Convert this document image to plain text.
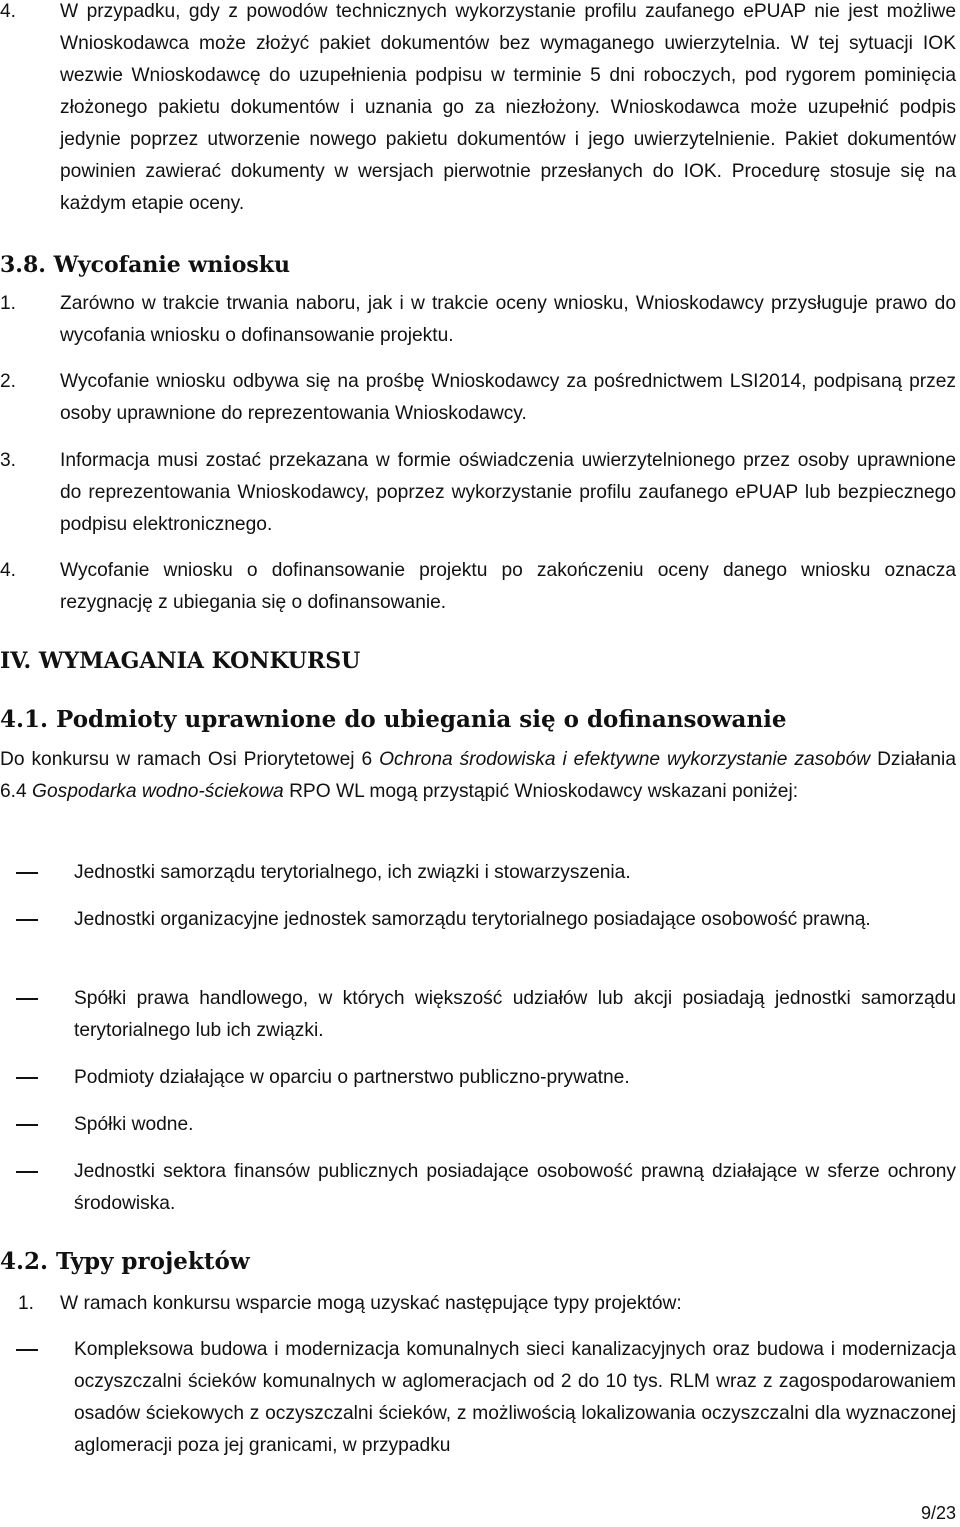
4.	W przypadku, gdy z powodów technicznych wykorzystanie profilu zaufanego ePUAP nie jest możliwe Wnioskodawca może złożyć pakiet dokumentów bez wymaganego uwierzytelnia. W tej sytuacji IOK wezwie Wnioskodawcę do uzupełnienia podpisu w terminie 5 dni roboczych, pod rygorem pominięcia złożonego pakietu dokumentów i uznania go za niezłożony. Wnioskodawca może uzupełnić podpis jedynie poprzez utworzenie nowego pakietu dokumentów i jego uwierzytelnienie. Pakiet dokumentów powinien zawierać dokumenty w wersjach pierwotnie przesłanych do IOK. Procedurę stosuje się na każdym etapie oceny.
3.8. Wycofanie wniosku
1.	Zarówno w trakcie trwania naboru, jak i w trakcie oceny wniosku, Wnioskodawcy przysługuje prawo do wycofania wniosku o dofinansowanie projektu.
2.	Wycofanie wniosku odbywa się na prośbę Wnioskodawcy za pośrednictwem LSI2014, podpisaną przez osoby uprawnione do reprezentowania Wnioskodawcy.
3.	Informacja musi zostać przekazana w formie oświadczenia uwierzytelnionego przez osoby uprawnione do reprezentowania Wnioskodawcy, poprzez wykorzystanie profilu zaufanego ePUAP lub bezpiecznego podpisu elektronicznego.
4.	Wycofanie wniosku o dofinansowanie projektu po zakończeniu oceny danego wniosku oznacza rezygnację z ubiegania się o dofinansowanie.
IV. WYMAGANIA KONKURSU
4.1. Podmioty uprawnione do ubiegania się o dofinansowanie
Do konkursu w ramach Osi Priorytetowej 6 Ochrona środowiska i efektywne wykorzystanie zasobów Działania 6.4 Gospodarka wodno-ściekowa RPO WL mogą przystąpić Wnioskodawcy wskazani poniżej:
Jednostki samorządu terytorialnego, ich związki i stowarzyszenia.
Jednostki organizacyjne jednostek samorządu terytorialnego posiadające osobowość prawną.
Spółki prawa handlowego, w których większość udziałów lub akcji posiadają jednostki samorządu terytorialnego lub ich związki.
Podmioty działające w oparciu o partnerstwo publiczno-prywatne.
Spółki wodne.
Jednostki sektora finansów publicznych posiadające osobowość prawną działające w sferze ochrony środowiska.
4.2. Typy projektów
1.	W ramach konkursu wsparcie mogą uzyskać następujące typy projektów:
Kompleksowa budowa i modernizacja komunalnych sieci kanalizacyjnych oraz budowa i modernizacja oczyszczalni ścieków komunalnych w aglomeracjach od 2 do 10 tys. RLM wraz z zagospodarowaniem osadów ściekowych z oczyszczalni ścieków, z możliwością lokalizowania oczyszczalni dla wyznaczonej aglomeracji poza jej granicami, w przypadku
9/23
